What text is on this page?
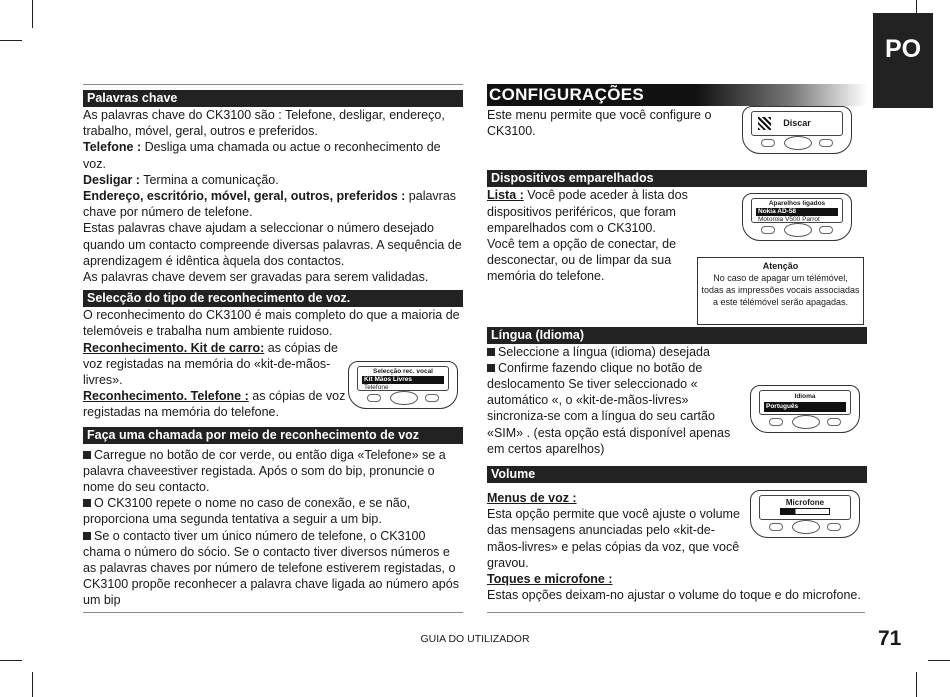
PO
Palavras chave
As palavras chave do CK3100 são : Telefone, desligar, endereço, trabalho, móvel, geral, outros e preferidos.
Telefone : Desliga uma chamada ou actue o reconhecimento de voz.
Desligar : Termina a comunicação.
Endereço, escritório, móvel, geral, outros, preferidos : palavras chave por número de telefone.
Estas palavras chave ajudam a seleccionar o número desejado quando um contacto compreende diversas palavras. A sequência de aprendizagem é idêntica àquela dos contactos.
As palavras chave devem ser gravadas para serem validadas.
Selecção do tipo de reconhecimento de voz.
O reconhecimento do CK3100 é mais completo do que a maioria de telemóveis e trabalha num ambiente ruidoso.
Reconhecimento. Kit de carro: as cópias de voz registadas na memória do «kit-de-mãos-livres».
Reconhecimento. Telefone : as cópias de voz registadas na memória do telefone.
Faça uma chamada por meio de reconhecimento de voz
Carregue no botão de cor verde, ou então diga «Telefone» se a palavra chaveestiver registada. Após o som do bip, pronuncie o nome do seu contacto.
O CK3100 repete o nome no caso de conexão, e se não, proporciona uma segunda tentativa a seguir a um bip.
Se o contacto tiver um único número de telefone, o CK3100 chama o número do sócio. Se o contacto tiver diversos números e as palavras chaves por número de telefone estiverem registadas, o CK3100 propõe reconhecer a palavra chave ligada ao número após um bip
Selecção rec. vocal
Kit Mãos Livres
Telefone
CONFIGURAÇÕES
Este menu permite que você configure o CK3100.
Dispositivos emparelhados
Lista : Você pode aceder à lista dos dispositivos periféricos, que foram emparelhados com o CK3100.
Você tem a opção de conectar, de desconectar, ou de limpar da sua memória do telefone.
Língua (Idioma)
Seleccione a língua (idioma) desejada
Confirme fazendo clique no botão de deslocamento Se tiver seleccionado « automático «, o «kit-de-mãos-livres» sincroniza-se com a língua do seu cartão «SIM» . (esta opção está disponível apenas em certos aparelhos)
Volume
Menus de voz :
Esta opção permite que você ajuste o volume das mensagens anunciadas pelo «kit-de-mãos-livres» e pelas cópias da voz, que você gravou.
Toques e microfone :
Estas opções deixam-no ajustar o volume do toque e do microfone.
Discar
Aparelhos ligados
Nokia AD-58
Motorola V500 Parrot
Atenção
No caso de apagar um télémóvel, todas as impressões vocais associadas a este télémóvel serão apagadas.
Idioma
Português
Microfone
GUIA DO UTILIZADOR	71
